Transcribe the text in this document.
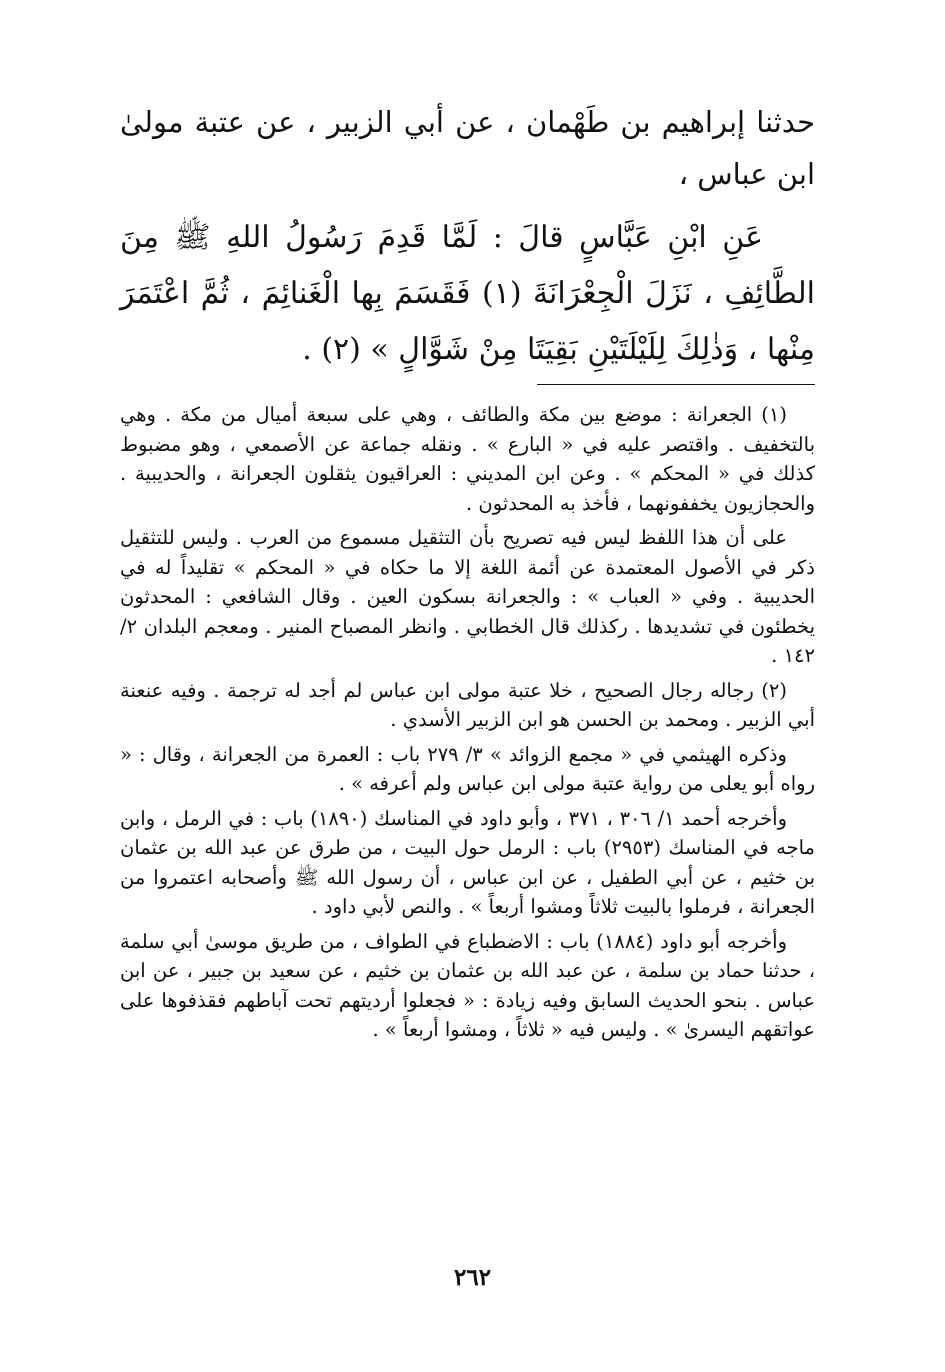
حدثنا إبراهيم بن طَهْمان ، عن أبي الزبير ، عن عتبة مولىٰ ابن عباس ،
عَنِ ابْنِ عَبَّاسٍ قالَ : لَمَّا قَدِمَ رَسُولُ اللهِ ﷺ مِنَ الطَّائِفِ ، نَزَلَ الْجِعْرَانَةَ (١) فَقَسَمَ بِها الْغَنائِمَ ، ثُمَّ اعْتَمَرَ مِنْها ، وَذٰلِكَ لِلَيْلَتَيْنِ بَقِيَتَا مِنْ شَوَّالٍ » (٢) .

(١) الجعرانة : موضع بين مكة والطائف ، وهي على سبعة أميال من مكة . وهي بالتخفيف . واقتصر عليه في « البارع » . ونقله جماعة عن الأصمعي ، وهو مضبوط كذلك في « المحكم » . وعن ابن المديني : العراقيون يثقلون الجعرانة ، والحديبية . والحجازيون يخففونهما ، فأخذ به المحدثون .

على أن هذا اللفظ ليس فيه تصريح بأن التثقيل مسموع من العرب . وليس للتثقيل ذكر في الأصول المعتمدة عن أئمة اللغة إلا ما حكاه في « المحكم » تقليداً له في الحديبية . وفي « العباب » : والجعرانة بسكون العين . وقال الشافعي : المحدثون يخطئون في تشديدها . ركذلك قال الخطابي . وانظر المصباح المنير . ومعجم البلدان ٢/ ١٤٢ .

(٢) رجاله رجال الصحيح ، خلا عتبة مولى ابن عباس لم أجد له ترجمة . وفيه عنعنة أبي الزبير . ومحمد بن الحسن هو ابن الزبير الأسدي .

وذكره الهيثمي في « مجمع الزوائد » ٣/ ٢٧٩ باب : العمرة من الجعرانة ، وقال : « رواه أبو يعلى من رواية عتبة مولى ابن عباس ولم أعرفه » .

وأخرجه أحمد ١/ ٣٠٦ ، ٣٧١ ، وأبو داود في المناسك (١٨٩٠) باب : في الرمل ، وابن ماجه في المناسك (٢٩٥٣) باب : الرمل حول البيت ، من طرق عن عبد الله بن عثمان بن خثيم ، عن أبي الطفيل ، عن ابن عباس ، أن رسول الله ﷺ وأصحابه اعتمروا من الجعرانة ، فرملوا بالبيت ثلاثاً ومشوا أربعاً » . والنص لأبي داود .

وأخرجه أبو داود (١٨٨٤) باب : الاضطباع في الطواف ، من طريق موسىٰ أبي سلمة ، حدثنا حماد بن سلمة ، عن عبد الله بن عثمان بن خثيم ، عن سعيد بن جبير ، عن ابن عباس . بنحو الحديث السابق وفيه زيادة : « فجعلوا أرديتهم تحت آباطهم فقذفوها على عواتقهم اليسرىٰ » . وليس فيه « ثلاثاً ، ومشوا أربعاً » .

٢٦٢
